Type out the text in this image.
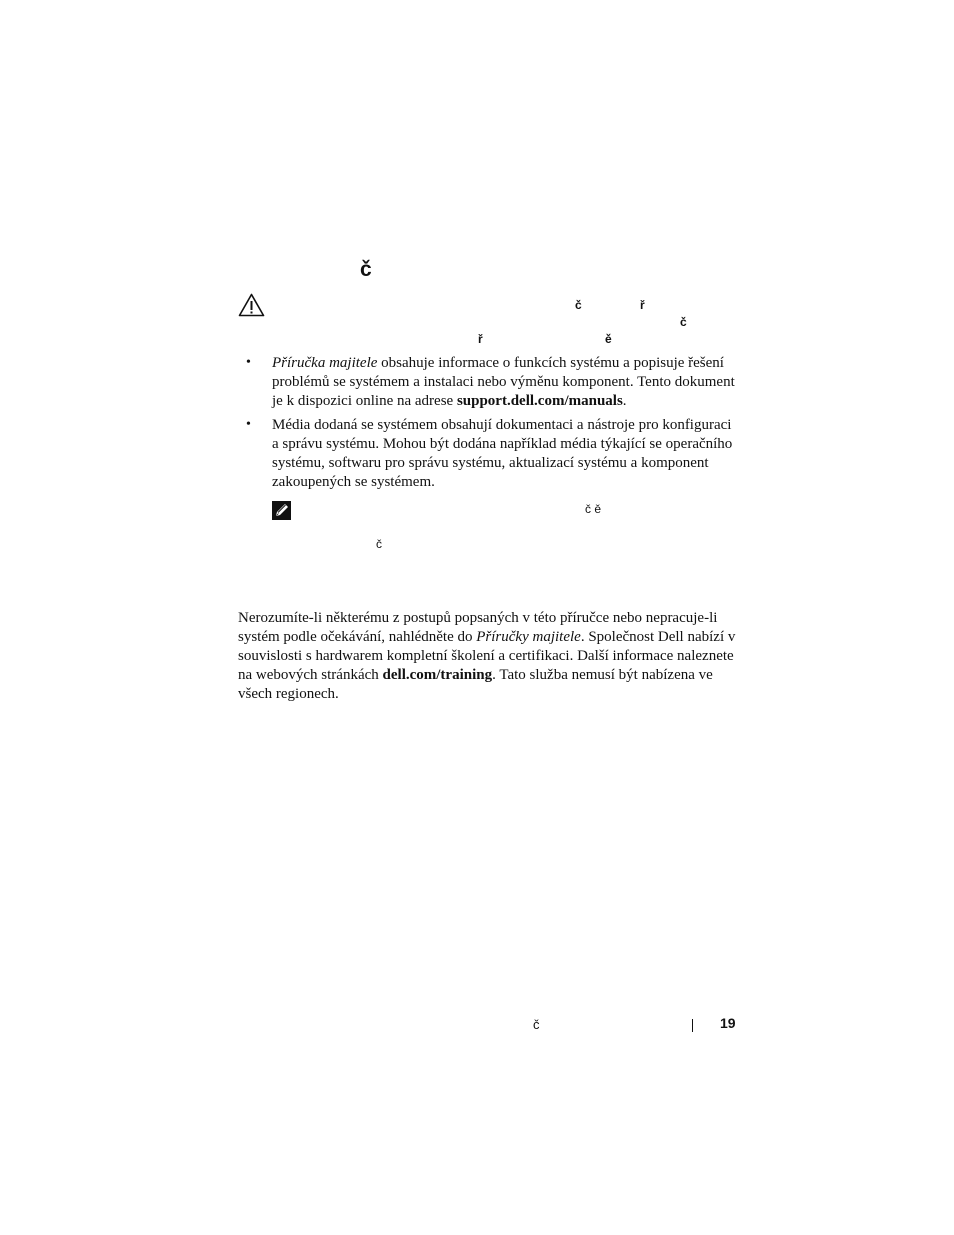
č
č	ř
č
ř	ě
• Příručka majitele obsahuje informace o funkcích systému a popisuje řešení problémů se systémem a instalaci nebo výměnu komponent. Tento dokument je k dispozici online na adrese support.dell.com/manuals.
• Média dodaná se systémem obsahují dokumentaci a nástroje pro konfiguraci a správu systému. Mohou být dodána například média týkající se operačního systému, softwaru pro správu systému, aktualizací systému a komponent zakoupených se systémem.
č ě
č
Nerozumíte-li některému z postupů popsaných v této příručce nebo nepracuje-li systém podle očekávání, nahlédněte do Příručky majitele. Společnost Dell nabízí v souvislosti s hardwarem kompletní školení a certifikaci. Další informace naleznete na webových stránkách dell.com/training. Tato služba nemusí být nabízena ve všech regionech.
č	19
